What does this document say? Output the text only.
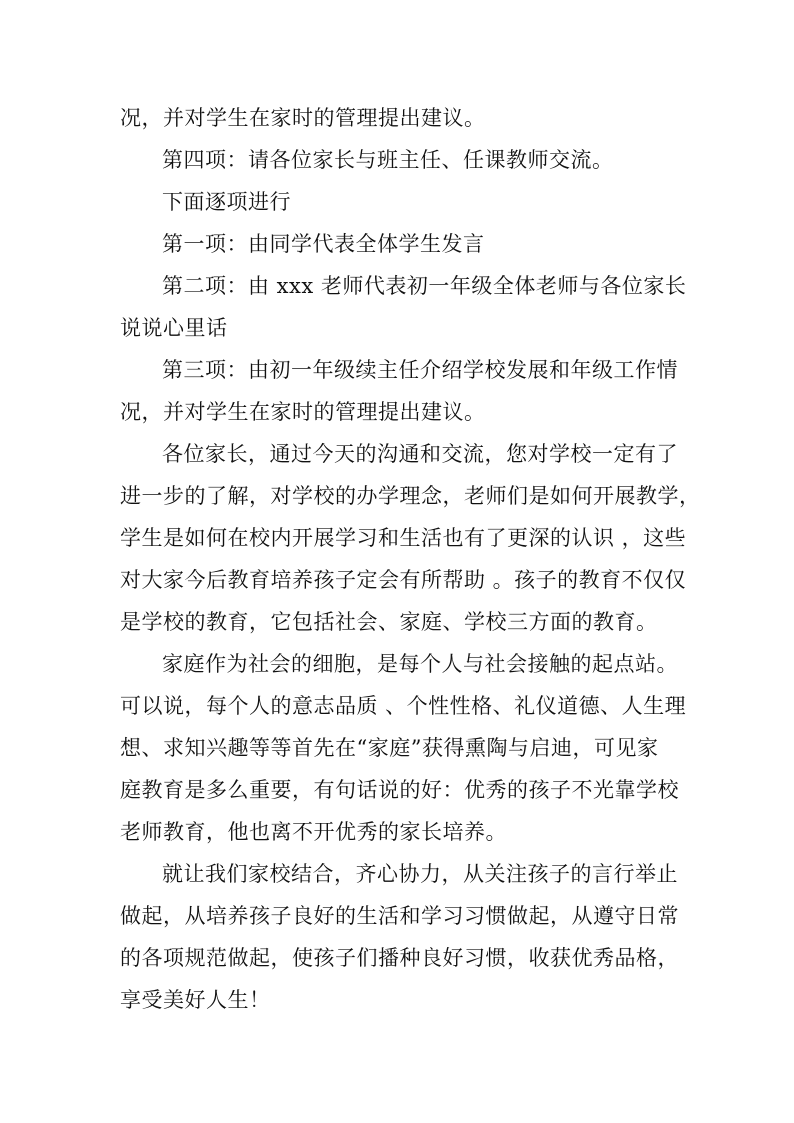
况，并对学生在家时的管理提出建议。
第四项：请各位家长与班主任、任课教师交流。
下面逐项进行
第一项：由同学代表全体学生发言
第二项：由 xxx 老师代表初一年级全体老师与各位家长
说说心里话
第三项：由初一年级续主任介绍学校发展和年级工作情
况，并对学生在家时的管理提出建议。
各位家长，通过今天的沟通和交流，您对学校一定有了
进一步的了解，对学校的办学理念，老师们是如何开展教学，
学生是如何在校内开展学习和生活也有了更深的认识 ，这些
对大家今后教育培养孩子定会有所帮助 。孩子的教育不仅仅
是学校的教育，它包括社会、家庭、学校三方面的教育。
家庭作为社会的细胞，是每个人与社会接触的起点站。
可以说，每个人的意志品质 、个性性格、礼仪道德、人生理
想、求知兴趣等等首先在“家庭”获得熏陶与启迪，可见家
庭教育是多么重要，有句话说的好：优秀的孩子不光靠学校
老师教育，他也离不开优秀的家长培养。
就让我们家校结合，齐心协力，从关注孩子的言行举止
做起，从培养孩子良好的生活和学习习惯做起，从遵守日常
的各项规范做起，使孩子们播种良好习惯，收获优秀品格，
享受美好人生！
